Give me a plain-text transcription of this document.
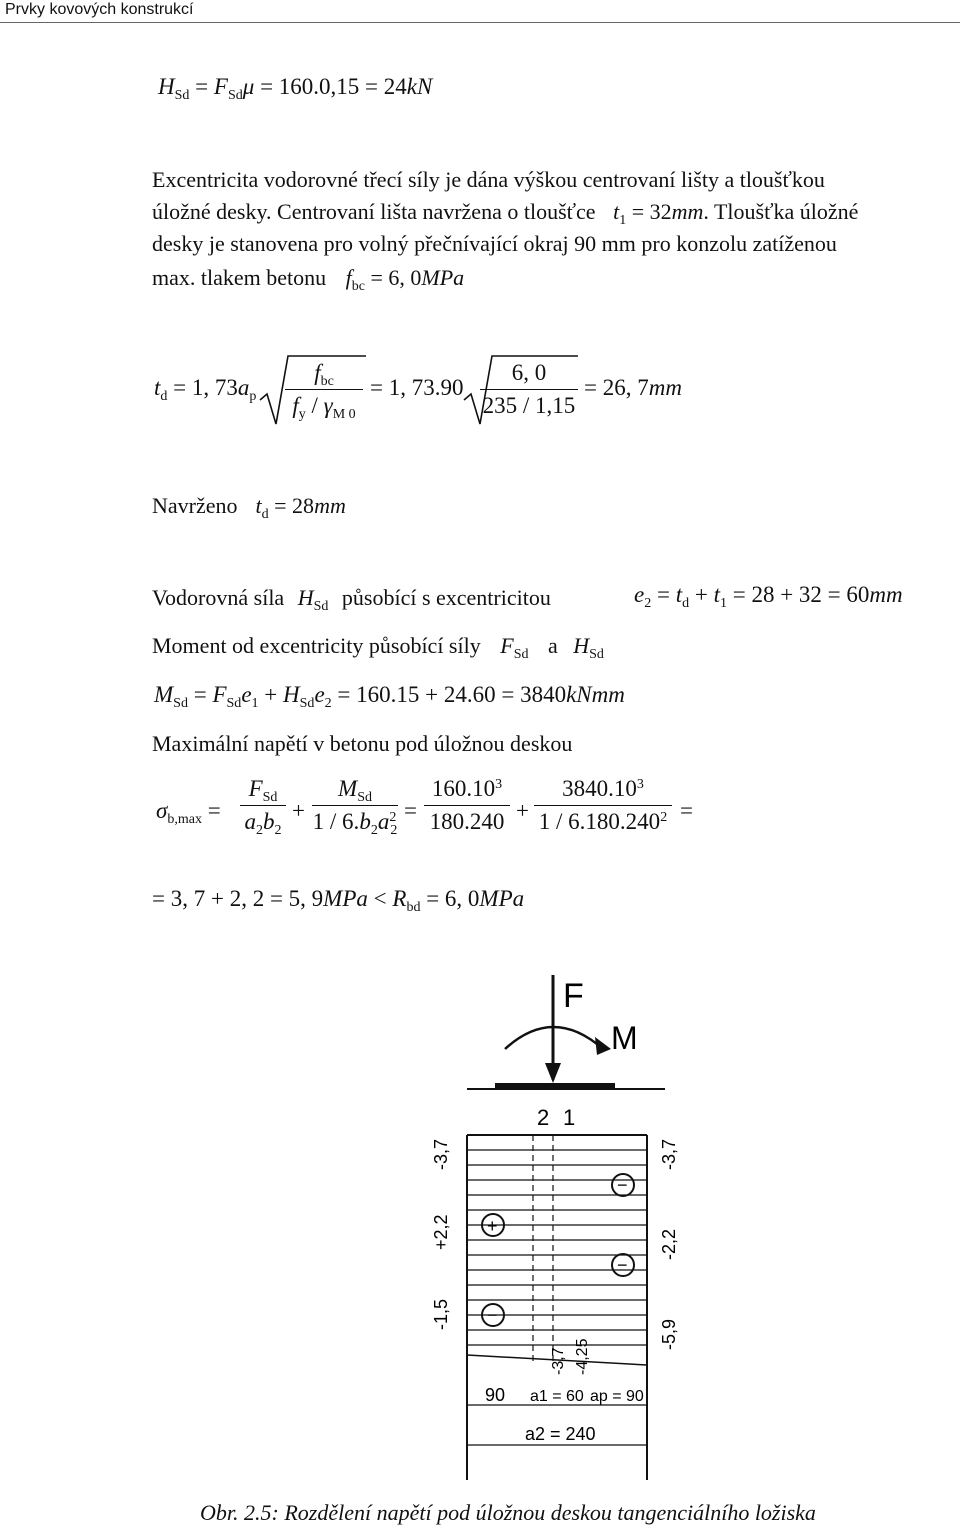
Prvky kovových konstrukcí
$H_{Sd} = F_{Sd}\mu = 160.0,15 = 24kN$
Excentricita vodorovné třecí síly je dána výškou centrovaní lišty a tloušťkou
úložné desky. Centrovaní lišta navržena o tloušťce $t_1 = 32mm$. Tloušťka úložné
desky je stanovena pro volný přečnívající okraj 90 mm pro konzolu zatíženou
max. tlakem betonu $f_{bc} = 6$, 0MPa
$t_d = 1$, $73a_p$
$f_{bc}$
$f_y / \gamma_{M 0}$
= 1, 73.90
6, 0
235 / 1,15
= 26, 7mm
Navrženo $t_d = 28mm$
Vodorovná síla $H_{Sd}$ působící s excentricitou	$e_2 = t_d + t_1 = 28 + 32 = 60mm$
Moment od excentricity působící síly $F_{Sd}$ a $H_{Sd}$
$M_{Sd} = F_{Sd}e_1 + H_{Sd}e_2 = 160.15 + 24.60$ = 3840kNmm
Maximální napětí v betonu pod úložnou deskou
$\sigma_{b,max}$ =
$F_{Sd}$
$a_2b_2$
+
$M_{Sd}$
$1 / 6.b_2a^2_2$
=
$160.10^3$
180.240 +
$3840.10^3$
$1 / 6.180.240^2$ =
= 3, 7 + 2, 2 = 5, $9MPa < R_{bd} = 6$, 0MPa
F
M
2 1
-3,7
+2,2
-1,5
-3,7
-2,2
-5,9
-3,7 -4,25
+
−
−
−
90 a1 = 60 ap = 90
a2 = 240
Obr. 2.5: Rozdělení napětí pod úložnou deskou tangenciálního ložiska
